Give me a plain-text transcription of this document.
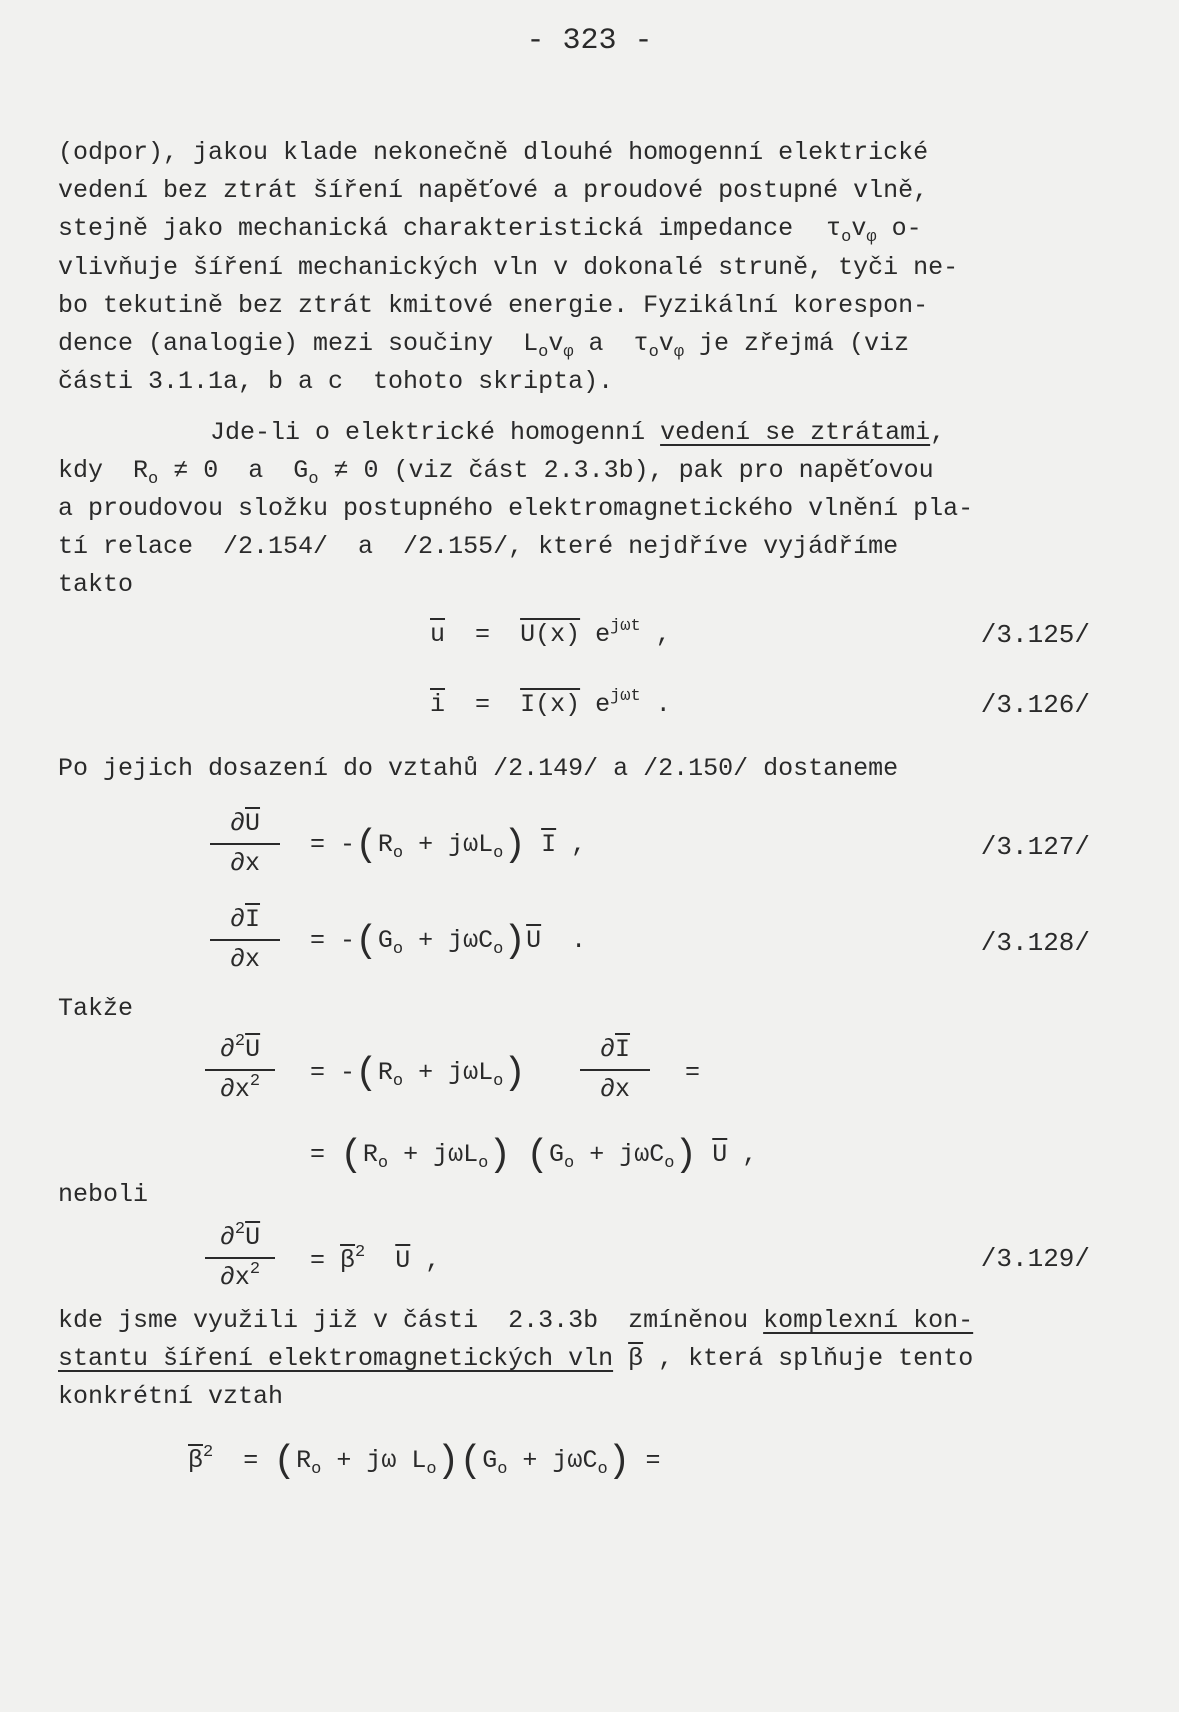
- 323 -
(odpor), jakou klade nekonečně dlouhé homogenní elektrické
vedení bez ztrát šíření napěťové a proudové postupné vlně,
stejně jako mechanická charakteristická impedance $\tau_ov_\varphi$ o-
vlivňuje šíření mechanických vln v dokonalé struně, tyči ne-
bo tekutině bez ztrát kmitové energie. Fyzikální korespon-
dence (analogie) mezi součiny $L_ov_\varphi$ a $\tau_ov_\varphi$ je zřejmá (viz
části 3.1.1a, b a c  tohoto skripta).
Jde-li o elektrické homogenní vedení se ztrátami,
kdy $R_o \ne 0$  a $G_o \ne 0$ (viz část 2.3.3b), pak pro napěťovou
a proudovou složku postupného elektromagnetického vlnění pla-
tí relace  /2.154/  a  /2.155/, které nejdříve vyjádříme
takto
$\overline{u} = U(x)$ $e^{j\omega t}$ ,	/3.125/
$\overline{i} = I(x)$ $e^{j\omega t}$ .	/3.126/
Po jejich dosazení do vztahů /2.149/ a /2.150/ dostaneme
$\partial\overline{U}$
∂x
= $-(R_o + j\omega L_o)$ $\overline{I}$ ,	/3.127/
$\partial\overline{I}$
∂x
= $-(G_o + j\omega C_o)\overline{U}$ .	/3.128/
Takže
$\partial^2\overline{U}$
$\partial x^2$	= $-(R_o + j\omega L_o)$
$\partial\overline{I}$
∂x
=
= $(R_o + j\omega L_o) (G_o + j\omega C_o)$ $\overline{U}$ ,
neboli
$\partial^2\overline{U}$
$\partial x^2$	= $\overline{\beta}^2$ $\overline{U}$ ,	/3.129/
kde jsme využili již v části  2.3.3b  zmíněnou komplexní kon-
stantu šíření elektromagnetických vln $\overline{\beta}$ , která splňuje tento
konkrétní vztah
$\overline{\beta}^2 = (R_o + j\omega$ $L_o)(G_o + j\omega C_o)$ =
